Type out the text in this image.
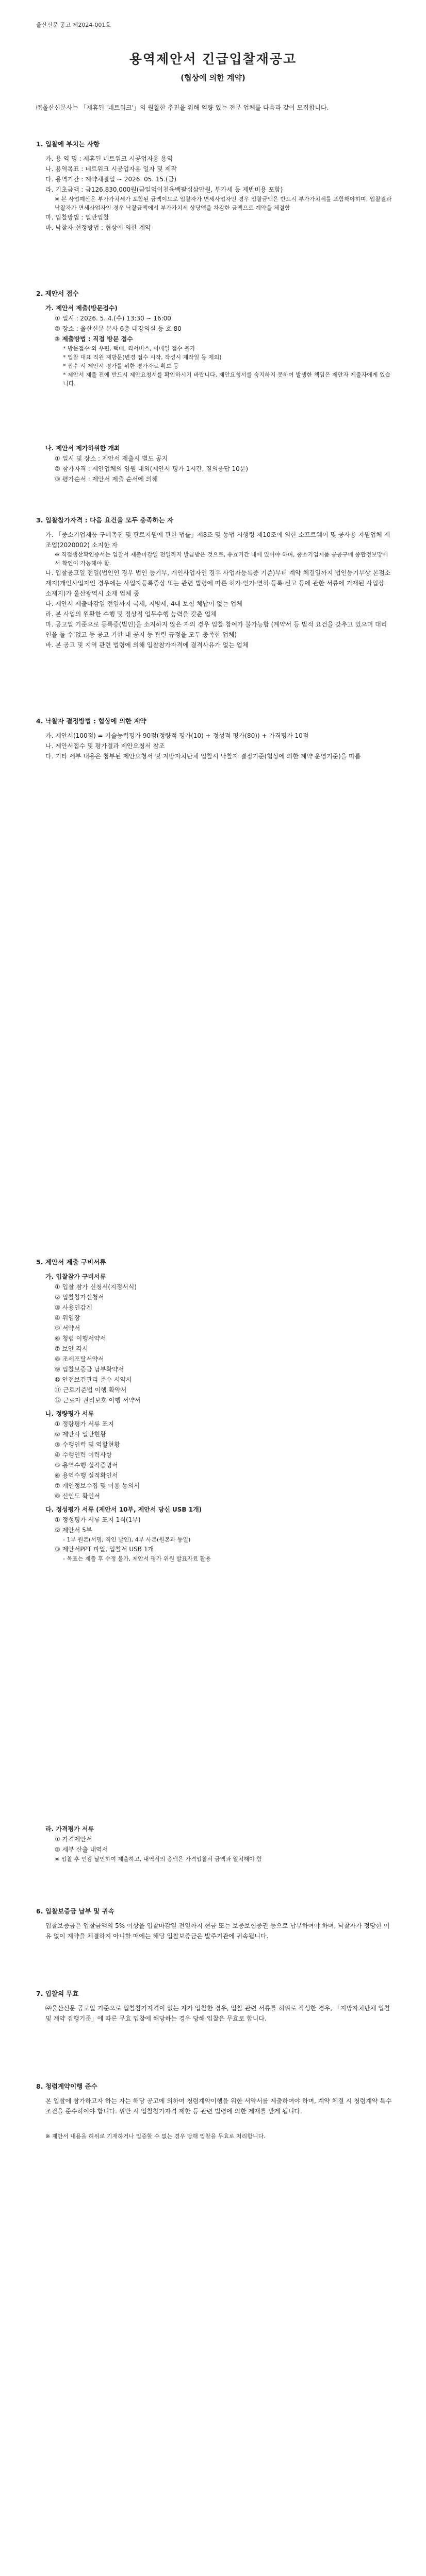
울산신문 공고 제2024-001호
용역제안서 긴급입찰재공고
(협상에 의한 계약)
㈜울산신문사는 「제휴된 '네트워크'」의 원활한 추진을 위해 역량 있는 전문 업체를 다음과 같이 모집합니다.
1. 입찰에 부치는 사항
가. 용 역 명 : 제휴된 네트워크 시공업자용 용역
나. 용역목표 : 네트워크 시공업자용 일자 및 제작
다. 용역기간 : 계약체결일 ~ 2026. 05. 15.(금)
라. 기초금액 : 금126,830,000원(금일억이천육백팔십삼만원, 부가세 등 제반비용 포함)
※ 본 사업예산은 부가가치세가 포함된 금액이므로 입찰자가 면세사업자인 경우 입찰금액은 반드시 부가가치세를 포함해야하며, 입찰결과 낙찰자가 면세사업자인 경우 낙찰금액에서 부가가치세 상당액을 차감한 금액으로 계약을 체결함
마. 입찰방법 : 일반입찰
바. 낙찰자 선정방법 : 협상에 의한 계약
2. 제안서 접수
가. 제안서 제출(방문접수)
① 일시 : 2026. 5. 4.(수) 13:30 ~ 16:00
② 장소 : 울산신문 본사 6층 대강의실 등 호 80
③ 제출방법 : 직접 방문 접수
* 방문접수 외 우편, 택배, 퀵서비스, 이메일 접수 불가
* 입찰 대표 직원 재방문(변경 접수 시작, 작성시 제작일 등 제외)
* 접수 시 제안서 평가를 위한 평가자료 확보 등
* 제안서 제출 전에 반드시 제안요청서를 확인하시기 바랍니다. 제안요청서를 숙지하지 못하여 발생한 책임은 제안자 제출자에게 있습니다.
나. 제안서 제가하위한 개최
① 일시 및 장소 : 제안서 제출시 별도 공지
② 참가자격 : 제안업체의 임원 내외(제안서 평가 1시간, 질의응답 10분)
③ 평가순서 : 제안서 제출 순서에 의해
3. 입찰참가자격 : 다음 요건을 모두 충족하는 자
가. 「중소기업제품 구매촉진 및 판로지원에 관한 법률」제8조 및 동법 시행령 제10조에 의한 소프트웨어 및 공사용 지원업체 제조업(2020002) 소지한 자
※ 직접생산확인증서는 입찰서 제출마감일 전일까지 발급받은 것으로, 유효기간 내에 있어야 하며, 중소기업제품 공공구매 종합정보망에서 확인이 가능해야 함.
나. 입찰공고일 전일(법인인 경우 법인 등기부, 개인사업자인 경우 사업자등록증 기준)부터 계약 체결일까지 법인등기부상 본점소재지(개인사업자인 경우에는 사업자등록증상 또는 관련 법령에 따른 허가·인가·면허·등록·신고 등에 관한 서류에 기재된 사업장 소재지)가 울산광역시 소재 업체 중
다. 제안서 제출마감일 전일까지 국세, 지방세, 4대 보험 체납이 없는 업체
라. 본 사업의 원활한 수행 및 정상적 업무수행 능력을 갖춘 업체
마. 공고일 기준으로 등록증(법인)을 소지하지 않은 자의 경우 입찰 참여가 불가능함 (계약서 등 법적 요건을 갖추고 있으며 대리인을 둘 수 없고 등 공고 기한 내 공지 등 관련 규정을 모두 충족한 업체)
바. 본 공고 및 지역 관련 법령에 의해 입찰참가자격에 결격사유가 없는 업체
4. 낙찰자 결정방법 : 협상에 의한 계약
가. 제안서(100점) = 기술능력평가 90점(정량적 평가(10) + 정성적 평가(80)) + 가격평가 10점
나. 제안서접수 및 평가결과 제안요청서 참조
다. 기타 세부 내용은 첨부된 제안요청서 및 지방자치단체 입찰시 낙찰자 결정기준(협상에 의한 계약 운영기준)을 따름
5. 제안서 제출 구비서류
가. 입찰참가 구비서류
① 입찰 참가 신청서(지정서식)
② 입찰참가신청서
③ 사용인감계
④ 위임장
⑤ 서약서
⑥ 청렴 이행서약서
⑦ 보안 각서
⑧ 조세포탈서약서
⑨ 입찰보증금 납부확약서
⑩ 안전보건관리 준수 서약서
⑪ 근로기준법 이행 확약서
⑫ 근로자 권리보호 이행 서약서
나. 정량평가 서류
① 정량평가 서류 표지
② 제안사 일반현황
③ 수행인력 및 역할현황
④ 수행인력 이력사항
⑤ 용역수행 실적증명서
⑥ 용역수행 실적확인서
⑦ 개인정보수집 및 이용 동의서
⑧ 신인도 확인서
다. 정성평가 서류 (제안서 10부, 제안서 당신 USB 1개)
① 정성평가 서류 표지 1식(1부)
② 제안서 5부
- 1부 원본(서명, 직인 날인), 4부 사본(원본과 동일)
③ 제안서PPT 파일, 입찰서 USB 1개
- 목표는 제출 후 수정 불가, 제안서 평가 위원 발표자료 활용
라. 가격평가 서류
① 가격제안서
② 세부 산출 내역서
※ 입찰 후 인감 날인하여 제출하고, 내역서의 총액은 가격입찰서 금액과 일치해야 함
6. 입찰보증금 납부 및 귀속
입찰보증금은 입찰금액의 5% 이상을 입찰마감일 전일까지 현금 또는 보증보험증권 등으로 납부하여야 하며, 낙찰자가 정당한 이유 없이 계약을 체결하지 아니할 때에는 해당 입찰보증금은 발주기관에 귀속됩니다.
7. 입찰의 무효
㈜울산신문 공고일 기준으로 입찰참가자격이 없는 자가 입찰한 경우, 입찰 관련 서류를 허위로 작성한 경우, 「지방자치단체 입찰 및 계약 집행기준」에 따른 무효 입찰에 해당하는 경우 당해 입찰은 무효로 합니다.
8. 청렴계약이행 준수
본 입찰에 참가하고자 하는 자는 해당 공고에 의하여 청렴계약이행을 위한 서약서를 제출하여야 하며, 계약 체결 시 청렴계약 특수조건을 준수하여야 합니다. 위반 시 입찰참가자격 제한 등 관련 법령에 의한 제재를 받게 됩니다.
※ 제안서 내용을 허위로 기재하거나 입증할 수 없는 경우 당해 입찰을 무효로 처리합니다.
